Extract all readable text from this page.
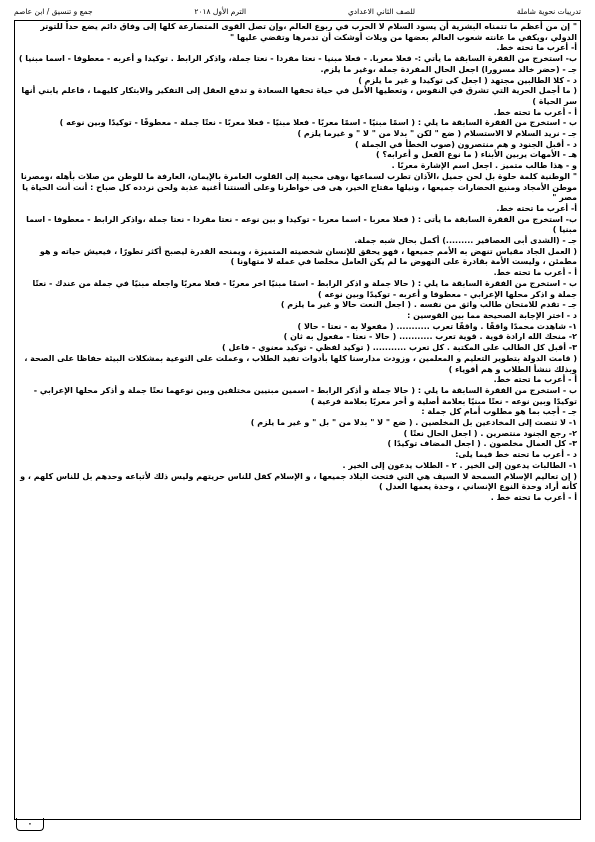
تدريبات نحوية شاملة
للصف الثاني الاعدادي
الترم الأول ٢٠١٨
جمع و تنسيق / ابن عاصم

" إن من أعظم ما تتمناه البشرية أن يسود السلام لا الحرب في ربوع العالم ،وإن تصل القوى المتصارعة كلها إلى وفاق دائم يضع حداً للتوتر الدولي ،ويكفي ما عانته شعوب العالم بعضها من ويلات أوشكت أن تدمرها وتقضي عليها "

أ- أعرب ما تحته خط.

ب- استخرج من الفقرة السابقة ما يأتي :- فعلا معربا. - فعلا مبنيا - نعتا مفردا - نعتا جملة، واذكر الرابط . توكيدا و أعربه - معطوفا - اسما مبنيا )

جـ - (حضر خالد مسرورا) اجعل الحال المفردة جملة ،وغير ما يلزم.

د - كلا الطالبين مجتهد ( اجعل كى توكيدا و غير ما يلزم )

( ما أجمل الحرية التي تشرق في النفوس ، وتعطيها الأمل في حياة تحفها السعادة و تدفع العقل إلى التفكير والابتكار كليهما ، فاعلم يابني أنها سر الحياة )

أ - أعرب ما تحته خط.

ب - استخرج من الفقرة السابقة ما يلي : ( اسمًا مبنيًا - اسمًا معربًا - فعلا مبنيًا - فعلا معربًا - نعتًا جملة - معطوفًا - توكيدًا وبين نوعه )

جـ - نريد السلام لا الاستسلام ( ضع " لكن " بدلا من " لا " و غيرما يلزم )

د - أقبل الجنود و هم منتصرون (صوب الخطأ في الجملة )

هـ - الأمهات يربين الأبناء ( ما نوع الفعل و أعرابه؟ )

و - هذا طالب متميز . اجعل اسم الإشارة معربًا .

" الوطنية كلمة حلوة بل لحن جميل ،الآذان تطرب لسماعها ،وهى محببة إلى القلوب العامرة بالإيمان، العارفة ما للوطن من صلات بأهله ،ومصرنا موطن الأمجاد ومنبع الحضارات جميعها ، ونيلها مفتاح الخير، هى فى خواطرنا وعلى ألسنتنا أغنية عذبة ولحن نردده كل صباح : أنت أنت الحياة يا مصر "

أ- أعرب ما تحته خط.

ب- استخرج من الفقرة السابقة ما يأتى : ( فعلا معربا - اسما معربا - توكيدا و بين نوعه - نعتا مفردا - نعتا جملة ،واذكر الرابط - معطوفا - اسما مبنيا )

جـ - (الشدى أبى العصافير .........) أكمل بحال شبه جملة.

( العمل الجاد مقياس تنهض به الأمم جميعها ، فهو يحقق للإنسان شخصيته المتميزة ، ويمنحه القدرة ليصبح أكثر تطورًا ، فيعيش حياته و هو مطمئن ، وليست الأمة بقادرة على النهوض ما لم يكن العامل مخلصا في عمله لا متهاونا )

أ - أعرب ما تحته خط.

ب - استخرج من الفقرة السابقة ما يلي : ( حالا جملة و اذكر الرابط - اسمًا مبنيًا اخر معربًا - فعلا معربًا واجعله مبنيًا في جملة من عندك - نعتًا جملة و اذكر محلها الإعرابي - معطوفا و أعربه - توكيدًا وبين نوعه )

جـ - تقدم للامتحان طالب واثق من نفسه . ( اجعل النعت حالا و غير ما يلزم )

د - اختر الإجابة الصحيحة مما بين القوسين :

١- شاهدت محمدًا واقفًا . واقفًا تعرب ........... ( مفعولا به - نعتا - حالا )

٢- منحك الله ارادة قوية . قوية تعرب ........... ( حالا - نعتا - مفعول به ثان )

٣- أقبل كل الطالب على المكتبة . كل تعرب ........... ( توكيد لفظي - توكيد معنوي - فاعل )

( قامت الدولة بتطوير التعليم و المعلمين ، وزودت مدارسنا كلها بأدوات تفيد الطلاب ، وعملت على التوعية بمشكلات البيئة حفاظا على الصحة ، وبذلك ننشأ الطلاب و هم أقوياء )

أ - أعرب ما تحته خط.

ب - استخرج من الفقرة السابقة ما يلي : ( حالا جملة و أذكر الرابط - اسمين مبنيين مختلفين وبين نوعهما نعتًا جملة و أذكر محلها الإعرابي - توكيدًا وبين نوعه - نعتًا مبنيًا بعلامة أصلية و أخر معربًا بعلامة فرعية )

جـ - أجب بما هو مطلوب أمام كل جملة :

١- لا تنصت إلى المخادعين بل المخلصين . ( ضع " لا " بدلا من " بل " و غير ما يلزم )

٢- رجع الجنود منتصرين . ( اجعل الحال نعتًا )

٣- كل العمال مخلصون . ( اجعل المضاف توكيدًا )

د - أعرب ما تحته خط فيما يلى:

١- الطالبات يدعون إلى الخير . ٢ - الطلاب يدعون إلى الخير .

( إن تعاليم الإسلام السمحة لا السيف هي التي فتحت البلاد جميعها ، و الإسلام كفل للناس حريتهم وليس ذلك لأتباعه وحدهم بل للناس كلهم ، و كأنه أراد وحدة النوع الإنساني ، وحدة يعمها العدل )

أ - أعرب ما تحته خط .

٠
